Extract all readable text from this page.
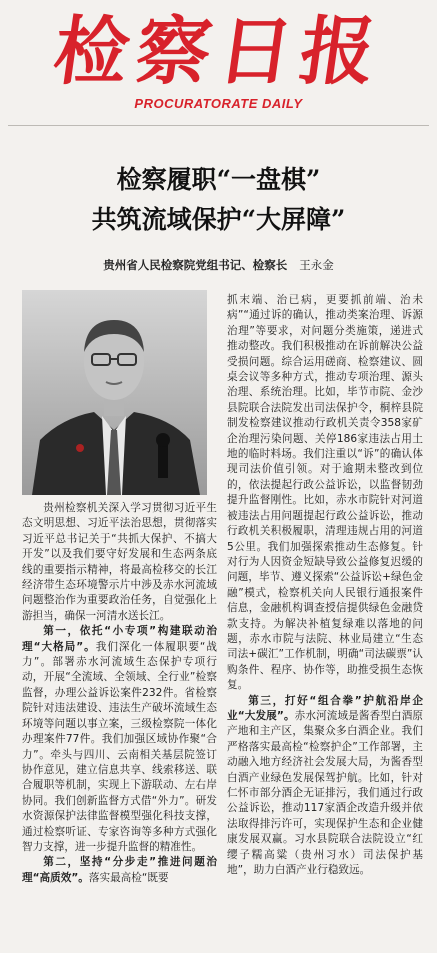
检察日报
PROCURATORATE DAILY
检察履职“一盘棋”
共筑流域保护“大屏障”
贵州省人民检察院党组书记、检察长 王永金

贵州检察机关深入学习贯彻习近平生态文明思想、习近平法治思想，贯彻落实习近平总书记关于“共抓大保护、不搞大开发”以及我们要守好发展和生态两条底线的重要指示精神，将最高检移交的长江经济带生态环境警示片中涉及赤水河流域问题整治作为重要政治任务，自觉强化上游担当，确保一河清水送长江。

第一，依托“小专项”构建联动治理“大格局”。我们深化一体履职要“战力”。部署赤水河流域生态保护专项行动，开展“全流域、全领域、全行业”检察监督，办理公益诉讼案件232件。省检察院针对违法建设、违法生产破坏流域生态环境等问题以事立案，三级检察院一体化办理案件77件。我们加强区域协作聚“合力”。牵头与四川、云南相关基层院签订协作意见，建立信息共享、线索移送、联合履职等机制，实现上下游联动、左右岸协同。我们创新监督方式借“外力”。研发水资源保护法律监督模型强化科技支撑，通过检察听证、专家咨询等多种方式强化智力支撑，进一步提升监督的精准性。

第二，坚持“分步走”推进问题治理“高质效”。落实最高检“既要

抓末端、治已病，更要抓前端、治未病”“通过诉的确认，推动类案治理、诉源治理”等要求，对问题分类施策，递进式推动整改。我们积极推动在诉前解决公益受损问题。综合运用磋商、检察建议、圆桌会议等多种方式，推动专项治理、源头治理、系统治理。比如，毕节市院、金沙县院联合法院发出司法保护令，桐梓县院制发检察建议推动行政机关责令358家矿企治理污染问题、关停186家违法占用土地的临时料场。我们注重以“诉”的确认体现司法价值引领。对于逾期未整改到位的，依法提起行政公益诉讼，以监督韧劲提升监督刚性。比如，赤水市院针对河道被违法占用问题提起行政公益诉讼，推动行政机关积极履职，清理违规占用的河道5公里。我们加强探索推动生态修复。针对行为人因资金短缺导致公益修复迟缓的问题，毕节、遵义探索“公益诉讼+绿色金融”模式，检察机关向人民银行通报案件信息，金融机构调查授信提供绿色金融贷款支持。为解决补植复绿难以落地的问题，赤水市院与法院、林业局建立“生态司法+碳汇”工作机制，明确“司法碳票”认购条件、程序、协作等，助推受损生态恢复。

第三，打好“组合拳”护航沿岸企业“大发展”。赤水河流域是酱香型白酒原产地和主产区，集聚众多白酒企业。我们严格落实最高检“检察护企”工作部署，主动融入地方经济社会发展大局，为酱香型白酒产业绿色发展保驾护航。比如，针对仁怀市部分酒企无证排污，我们通过行政公益诉讼，推动117家酒企改造升级并依法取得排污许可，实现保护生态和企业健康发展双赢。习水县院联合法院设立“红缨子糯高粱（贵州习水）司法保护基地”，助力白酒产业行稳致远。
